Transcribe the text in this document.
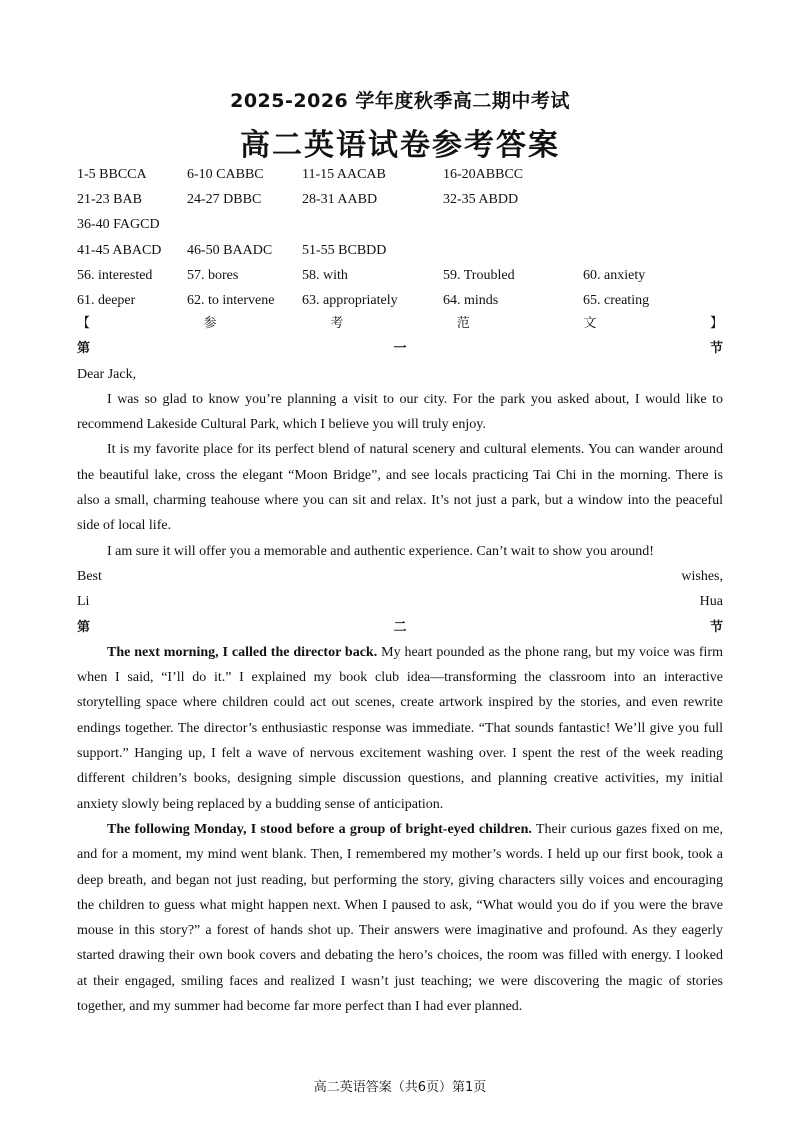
2025-2026 学年度秋季高二期中考试
高二英语试卷参考答案
1-5 BBCCA	6-10 CABBC	11-15 AACAB	16-20ABBCC
21-23 BAB	24-27 DBBC	28-31 AABD	32-35 ABDD
36-40 FAGCD
41-45 ABACD 46-50 BAADC 51-55 BCBDD
56. interested 57. bores	58. with	59. Troubled	60. anxiety
61. deeper	62. to intervene 63. appropriately	64. minds	65. creating
【参考范文】
第一节
Dear Jack,
I was so glad to know you’re planning a visit to our city. For the park you asked about, I would like to
recommend Lakeside Cultural Park, which I believe you will truly enjoy.
It is my favorite place for its perfect blend of natural scenery and cultural elements. You can wander around
the beautiful lake, cross the elegant “Moon Bridge”, and see locals practicing Tai Chi in the morning. There is
also a small, charming teahouse where you can sit and relax. It’s not just a park, but a window into the peaceful
side of local life.
I am sure it will offer you a memorable and authentic experience. Can’t wait to show you around!
Best wishes,
Li Hua
第二节
The next morning, I called the director back. My heart pounded as the phone rang, but my voice was firm
when I said, “I’ll do it.” I explained my book club idea—transforming the classroom into an interactive
storytelling space where children could act out scenes, create artwork inspired by the stories, and even rewrite
endings together. The director’s enthusiastic response was immediate. “That sounds fantastic! We’ll give you full
support.” Hanging up, I felt a wave of nervous excitement washing over. I spent the rest of the week reading
different children’s books, designing simple discussion questions, and planning creative activities, my initial
anxiety slowly being replaced by a budding sense of anticipation.
The following Monday, I stood before a group of bright-eyed children. Their curious gazes fixed on me,
and for a moment, my mind went blank. Then, I remembered my mother’s words. I held up our first book, took a
deep breath, and began not just reading, but performing the story, giving characters silly voices and encouraging
the children to guess what might happen next. When I paused to ask, “What would you do if you were the brave
mouse in this story?” a forest of hands shot up. Their answers were imaginative and profound. As they eagerly
started drawing their own book covers and debating the hero’s choices, the room was filled with energy. I looked
at their engaged, smiling faces and realized I wasn’t just teaching; we were discovering the magic of stories
together, and my summer had become far more perfect than I had ever planned.
高二英语答案（共6页）第1页
